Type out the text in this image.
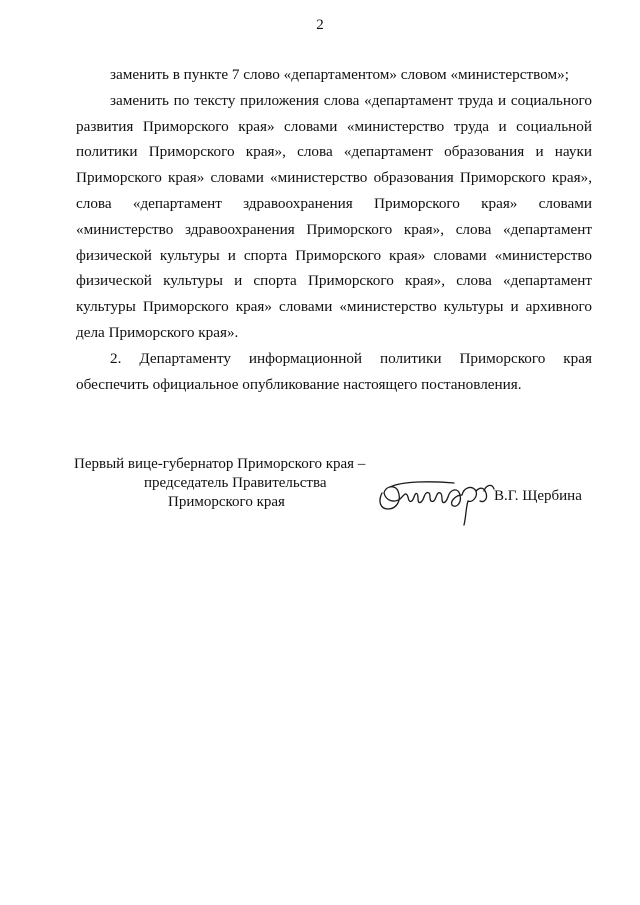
2

заменить в пункте 7 слово «департаментом» словом «министерством»;

заменить по тексту приложения слова «департамент труда и социального развития Приморского края» словами «министерство труда и социальной политики Приморского края», слова «департамент образования и науки Приморского края» словами «министерство образования Приморского края», слова «департамент здравоохранения Приморского края» словами «министерство здравоохранения Приморского края», слова «департамент физической культуры и спорта Приморского края» словами «министерство физической культуры и спорта Приморского края», слова «департамент культуры Приморского края» словами «министерство культуры и архивного дела Приморского края».

2. Департаменту информационной политики Приморского края обеспечить официальное опубликование настоящего постановления.

Первый вице-губернатор Приморского края –
председатель Правительства
Приморского края	В.Г. Щербина
